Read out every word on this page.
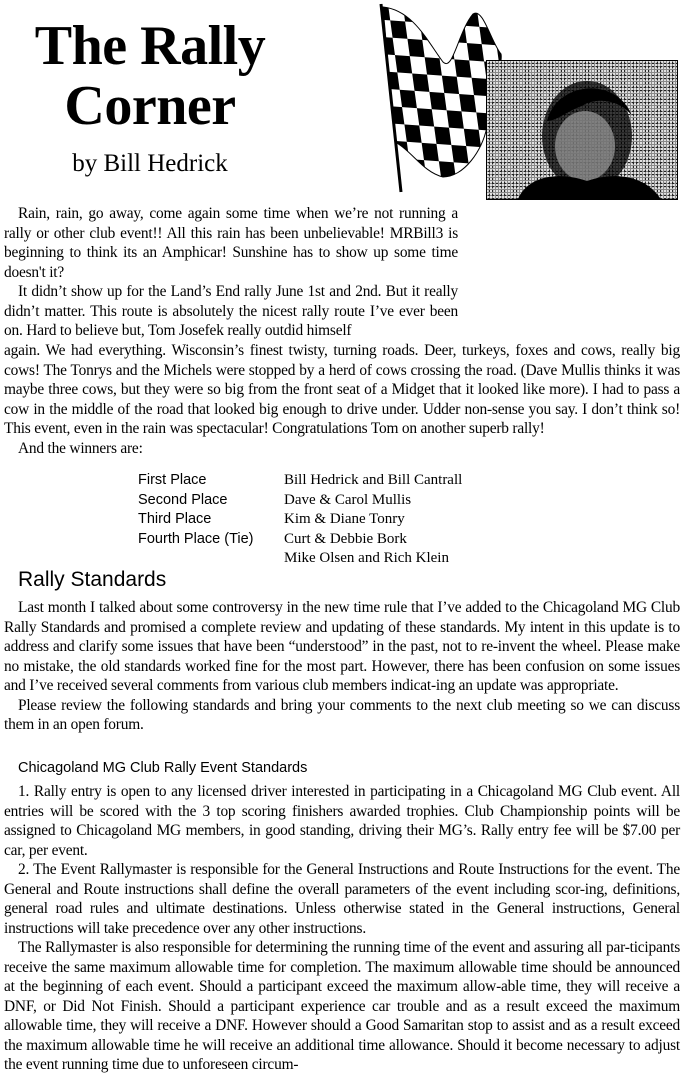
The Rally
Corner
by Bill Hedrick

Rain, rain, go away, come again some time when we’re not running a rally or other club event!! All this rain has been unbelievable! MRBill3 is beginning to think its an Amphicar! Sunshine has to show up some time doesn't it?

It didn’t show up for the Land’s End rally June 1st and 2nd. But it really didn’t matter. This route is absolutely the nicest rally route I’ve ever been on. Hard to believe but, Tom Josefek really outdid himself

again. We had everything. Wisconsin’s finest twisty, turning roads. Deer, turkeys, foxes and cows, really big cows! The Tonrys and the Michels were stopped by a herd of cows crossing the road. (Dave Mullis thinks it was maybe three cows, but they were so big from the front seat of a Midget that it looked like more). I had to pass a cow in the middle of the road that looked big enough to drive under. Udder non-sense you say. I don’t think so! This event, even in the rain was spectacular! Congratulations Tom on another superb rally!

And the winners are:

First Place	Bill Hedrick and Bill Cantrall
Second Place	Dave & Carol Mullis
Third Place	Kim & Diane Tonry
Fourth Place (Tie)	Curt & Debbie Bork
Mike Olsen and Rich Klein
Rally Standards

Last month I talked about some controversy in the new time rule that I’ve added to the Chicagoland MG Club Rally Standards and promised a complete review and updating of these standards. My intent in this update is to address and clarify some issues that have been “understood” in the past, not to re-invent the wheel. Please make no mistake, the old standards worked fine for the most part. However, there has been confusion on some issues and I’ve received several comments from various club members indicat-ing an update was appropriate.

Please review the following standards and bring your comments to the next club meeting so we can discuss them in an open forum.

Chicagoland MG Club Rally Event Standards

1. Rally entry is open to any licensed driver interested in participating in a Chicagoland MG Club event. All entries will be scored with the 3 top scoring finishers awarded trophies. Club Championship points will be assigned to Chicagoland MG members, in good standing, driving their MG’s. Rally entry fee will be $7.00 per car, per event.

2. The Event Rallymaster is responsible for the General Instructions and Route Instructions for the event. The General and Route instructions shall define the overall parameters of the event including scor-ing, definitions, general road rules and ultimate destinations. Unless otherwise stated in the General instructions, General instructions will take precedence over any other instructions.

The Rallymaster is also responsible for determining the running time of the event and assuring all par-ticipants receive the same maximum allowable time for completion. The maximum allowable time should be announced at the beginning of each event. Should a participant exceed the maximum allow-able time, they will receive a DNF, or Did Not Finish. Should a participant experience car trouble and as a result exceed the maximum allowable time, they will receive a DNF. However should a Good Samaritan stop to assist and as a result exceed the maximum allowable time he will receive an additional time allowance. Should it become necessary to adjust the event running time due to unforeseen circum-
